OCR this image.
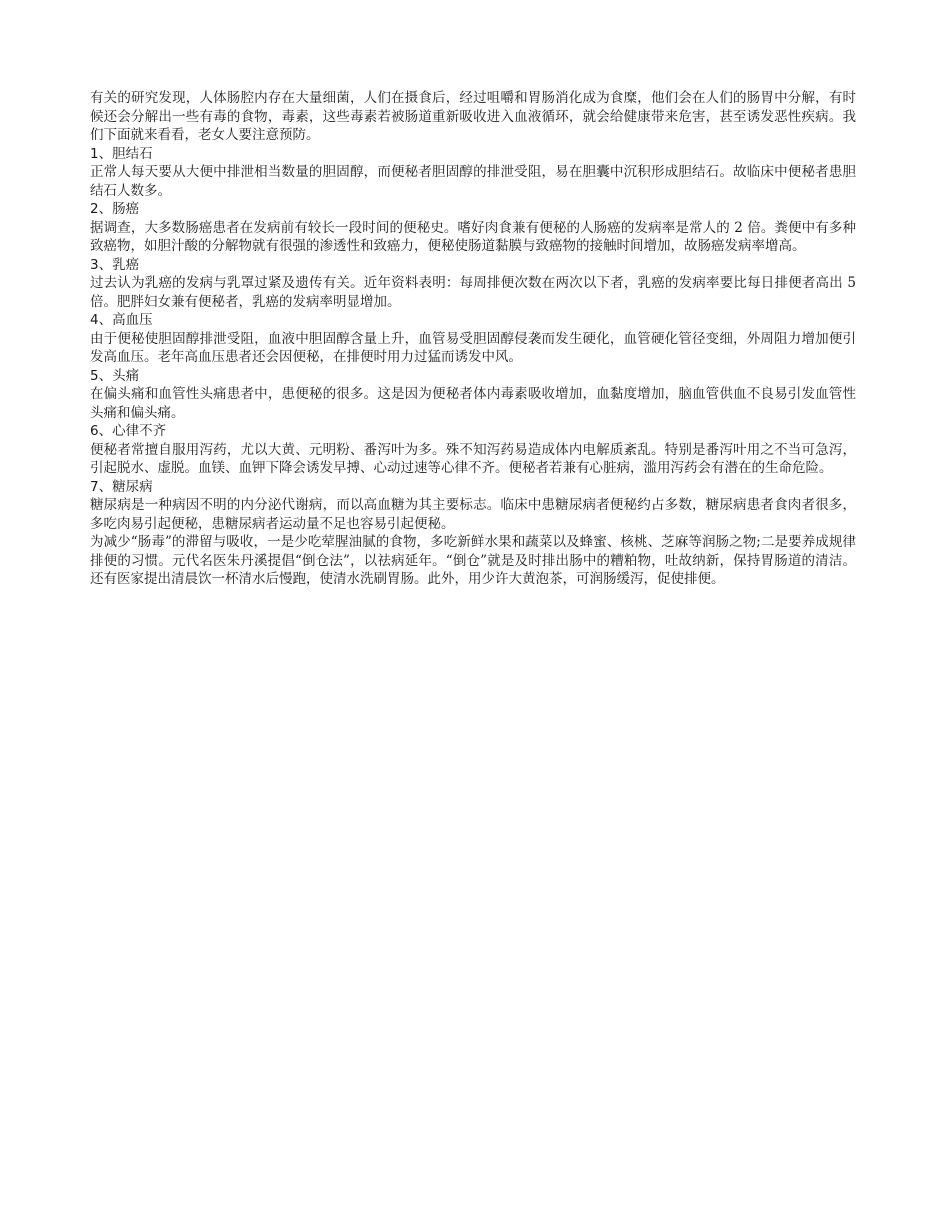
有关的研究发现，人体肠腔内存在大量细菌，人们在摄食后，经过咀嚼和胃肠消化成为食糜，他们会在人们的肠胃中分解，有时候还会分解出一些有毒的食物，毒素，这些毒素若被肠道重新吸收进入血液循环，就会给健康带来危害，甚至诱发恶性疾病。我们下面就来看看，老女人要注意预防。

1、胆结石

正常人每天要从大便中排泄相当数量的胆固醇，而便秘者胆固醇的排泄受阻，易在胆囊中沉积形成胆结石。故临床中便秘者患胆结石人数多。

2、肠癌

据调查，大多数肠癌患者在发病前有较长一段时间的便秘史。嗜好肉食兼有便秘的人肠癌的发病率是常人的 2 倍。粪便中有多种致癌物，如胆汁酸的分解物就有很强的渗透性和致癌力，便秘使肠道黏膜与致癌物的接触时间增加，故肠癌发病率增高。

3、乳癌

过去认为乳癌的发病与乳罩过紧及遗传有关。近年资料表明：每周排便次数在两次以下者，乳癌的发病率要比每日排便者高出 5 倍。肥胖妇女兼有便秘者，乳癌的发病率明显增加。

4、高血压

由于便秘使胆固醇排泄受阻，血液中胆固醇含量上升，血管易受胆固醇侵袭而发生硬化，血管硬化管径变细，外周阻力增加便引发高血压。老年高血压患者还会因便秘，在排便时用力过猛而诱发中风。

5、头痛

在偏头痛和血管性头痛患者中，患便秘的很多。这是因为便秘者体内毒素吸收增加，血黏度增加，脑血管供血不良易引发血管性头痛和偏头痛。

6、心律不齐

便秘者常擅自服用泻药，尤以大黄、元明粉、番泻叶为多。殊不知泻药易造成体内电解质紊乱。特别是番泻叶用之不当可急泻，引起脱水、虚脱。血镁、血钾下降会诱发早搏、心动过速等心律不齐。便秘者若兼有心脏病，滥用泻药会有潜在的生命危险。

7、糖尿病

糖尿病是一种病因不明的内分泌代谢病，而以高血糖为其主要标志。临床中患糖尿病者便秘约占多数，糖尿病患者食肉者很多，多吃肉易引起便秘，患糖尿病者运动量不足也容易引起便秘。

为减少“肠毒”的滞留与吸收，一是少吃荤腥油腻的食物，多吃新鲜水果和蔬菜以及蜂蜜、核桃、芝麻等润肠之物;二是要养成规律排便的习惯。元代名医朱丹溪提倡“倒仓法”，以祛病延年。“倒仓”就是及时排出肠中的糟粕物，吐故纳新，保持胃肠道的清洁。还有医家提出清晨饮一杯清水后慢跑，使清水洗刷胃肠。此外，用少许大黄泡茶，可润肠缓泻，促使排便。
